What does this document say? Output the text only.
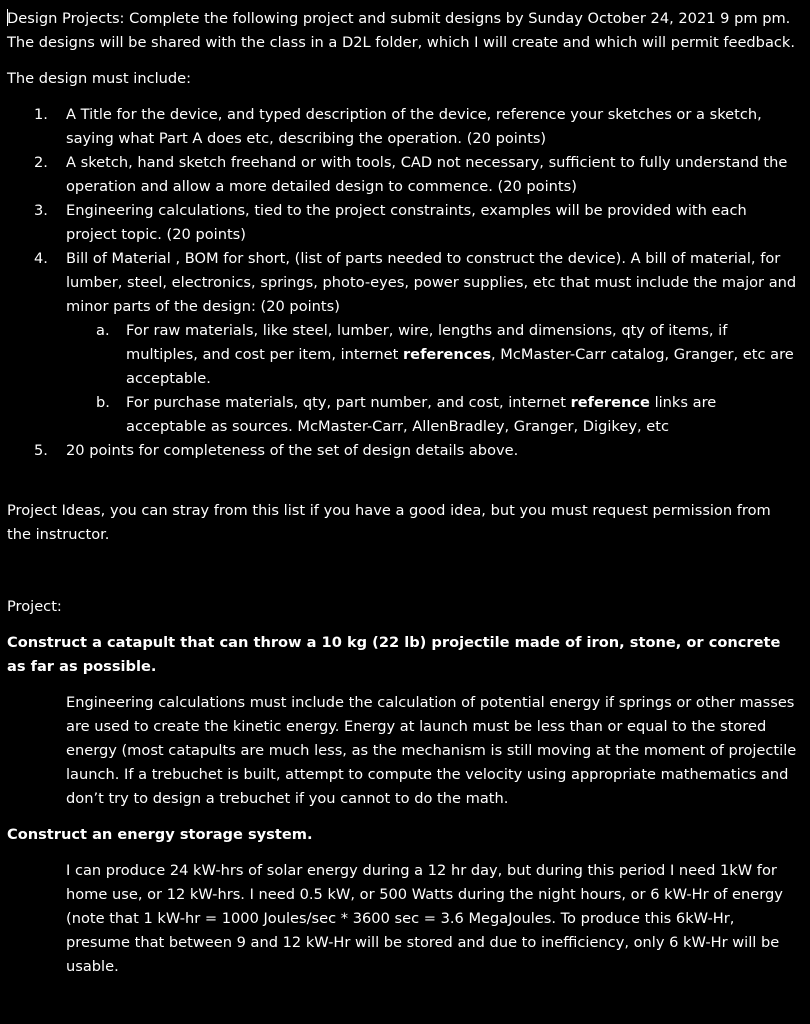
Design Projects: Complete the following project and submit designs by Sunday October 24, 2021 9 pm pm. The designs will be shared with the class in a D2L folder, which I will create and which will permit feedback.

The design must include:

1. A Title for the device, and typed description of the device, reference your sketches or a sketch, saying what Part A does etc, describing the operation. (20 points)
2. A sketch, hand sketch freehand or with tools, CAD not necessary, sufficient to fully understand the operation and allow a more detailed design to commence. (20 points)
3. Engineering calculations, tied to the project constraints, examples will be provided with each project topic. (20 points)
4. Bill of Material , BOM for short, (list of parts needed to construct the device). A bill of material, for lumber, steel, electronics, springs, photo-eyes, power supplies, etc that must include the major and minor parts of the design: (20 points)
a. For raw materials, like steel, lumber, wire, lengths and dimensions, qty of items, if multiples, and cost per item, internet references, McMaster-Carr catalog, Granger, etc are acceptable.
b. For purchase materials, qty, part number, and cost, internet reference links are acceptable as sources. McMaster-Carr, AllenBradley, Granger, Digikey, etc
5. 20 points for completeness of the set of design details above.

Project Ideas, you can stray from this list if you have a good idea, but you must request permission from the instructor.

Project:

Construct a catapult that can throw a 10 kg (22 lb) projectile made of iron, stone, or concrete as far as possible.

Engineering calculations must include the calculation of potential energy if springs or other masses are used to create the kinetic energy. Energy at launch must be less than or equal to the stored energy (most catapults are much less, as the mechanism is still moving at the moment of projectile launch. If a trebuchet is built, attempt to compute the velocity using appropriate mathematics and don’t try to design a trebuchet if you cannot to do the math.

Construct an energy storage system.

I can produce 24 kW-hrs of solar energy during a 12 hr day, but during this period I need 1kW for home use, or 12 kW-hrs. I need 0.5 kW, or 500 Watts during the night hours, or 6 kW-Hr of energy (note that 1 kW-hr = 1000 Joules/sec * 3600 sec = 3.6 MegaJoules. To produce this 6kW-Hr, presume that between 9 and 12 kW-Hr will be stored and due to inefficiency, only 6 kW-Hr will be usable.
